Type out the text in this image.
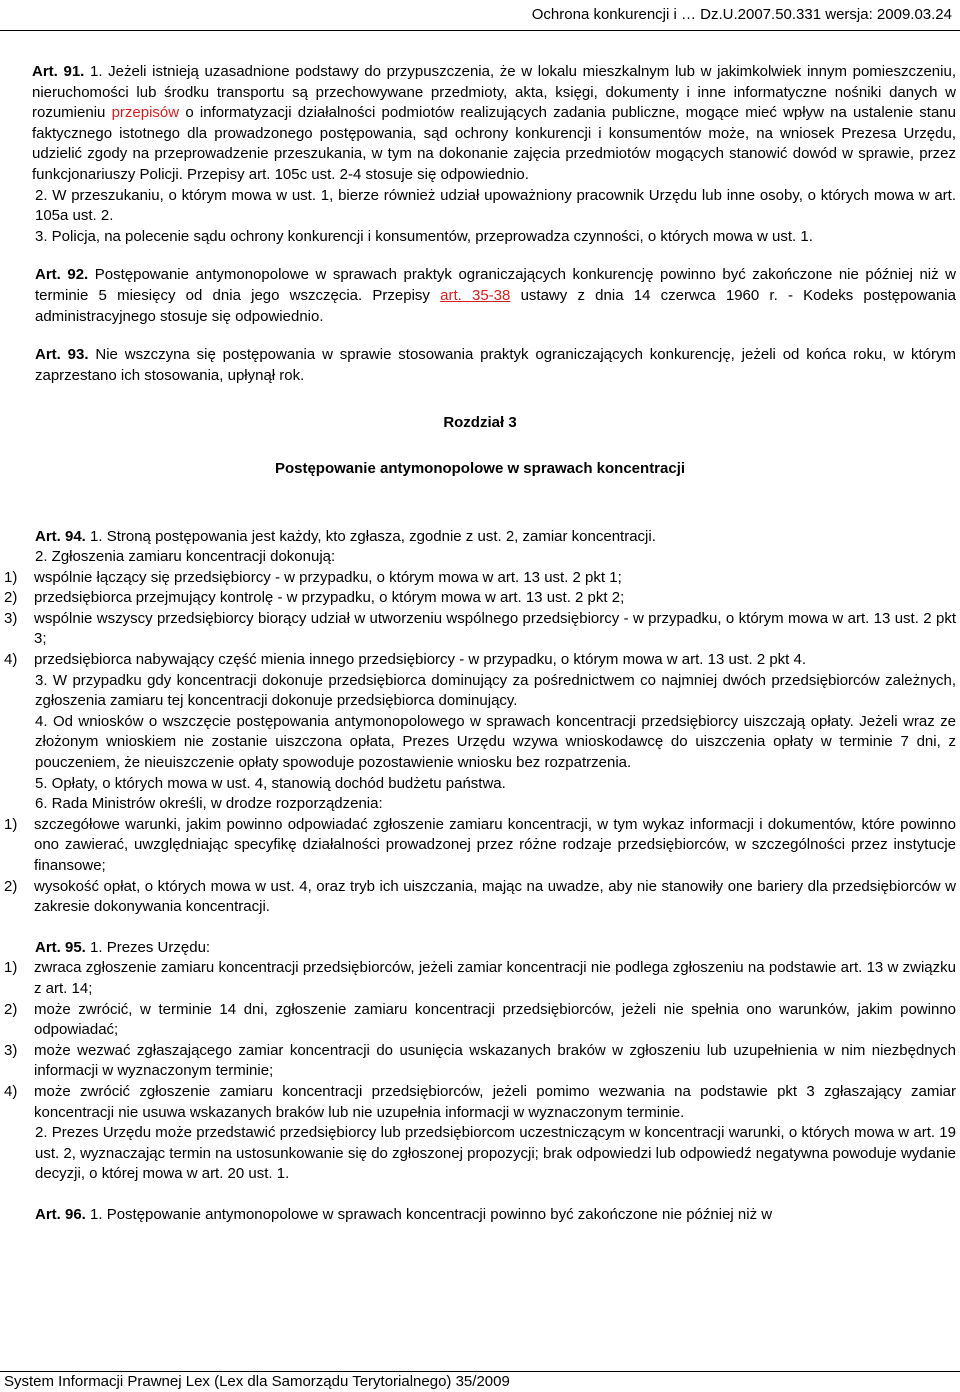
Ochrona konkurencji i … Dz.U.2007.50.331 wersja: 2009.03.24

Art. 91. 1. Jeżeli istnieją uzasadnione podstawy do przypuszczenia, że w lokalu mieszkalnym lub w jakimkolwiek innym pomieszczeniu, nieruchomości lub środku transportu są przechowywane przedmioty, akta, księgi, dokumenty i inne informatyczne nośniki danych w rozumieniu przepisów o informatyzacji działalności podmiotów realizujących zadania publiczne, mogące mieć wpływ na ustalenie stanu faktycznego istotnego dla prowadzonego postępowania, sąd ochrony konkurencji i konsumentów może, na wniosek Prezesa Urzędu, udzielić zgody na przeprowadzenie przeszukania, w tym na dokonanie zajęcia przedmiotów mogących stanowić dowód w sprawie, przez funkcjonariuszy Policji. Przepisy art. 105c ust. 2-4 stosuje się odpowiednio.

2. W przeszukaniu, o którym mowa w ust. 1, bierze również udział upoważniony pracownik Urzędu lub inne osoby, o których mowa w art. 105a ust. 2.

3. Policja, na polecenie sądu ochrony konkurencji i konsumentów, przeprowadza czynności, o których mowa w ust. 1.

Art. 92. Postępowanie antymonopolowe w sprawach praktyk ograniczających konkurencję powinno być zakończone nie później niż w terminie 5 miesięcy od dnia jego wszczęcia. Przepisy art. 35-38 ustawy z dnia 14 czerwca 1960 r. - Kodeks postępowania administracyjnego stosuje się odpowiednio.

Art. 93. Nie wszczyna się postępowania w sprawie stosowania praktyk ograniczających konkurencję, jeżeli od końca roku, w którym zaprzestano ich stosowania, upłynął rok.

Rozdział 3

Postępowanie antymonopolowe w sprawach koncentracji

Art. 94. 1. Stroną postępowania jest każdy, kto zgłasza, zgodnie z ust. 2, zamiar koncentracji.

2. Zgłoszenia zamiaru koncentracji dokonują:

1)	wspólnie łączący się przedsiębiorcy - w przypadku, o którym mowa w art. 13 ust. 2 pkt 1;
2)	przedsiębiorca przejmujący kontrolę - w przypadku, o którym mowa w art. 13 ust. 2 pkt 2;
3)	wspólnie wszyscy przedsiębiorcy biorący udział w utworzeniu wspólnego przedsiębiorcy - w przypadku, o którym mowa w art. 13 ust. 2 pkt 3;
4)	przedsiębiorca nabywający część mienia innego przedsiębiorcy - w przypadku, o którym mowa w art. 13 ust. 2 pkt 4.

3. W przypadku gdy koncentracji dokonuje przedsiębiorca dominujący za pośrednictwem co najmniej dwóch przedsiębiorców zależnych, zgłoszenia zamiaru tej koncentracji dokonuje przedsiębiorca dominujący.

4. Od wniosków o wszczęcie postępowania antymonopolowego w sprawach koncentracji przedsiębiorcy uiszczają opłaty. Jeżeli wraz ze złożonym wnioskiem nie zostanie uiszczona opłata, Prezes Urzędu wzywa wnioskodawcę do uiszczenia opłaty w terminie 7 dni, z pouczeniem, że nieuiszczenie opłaty spowoduje pozostawienie wniosku bez rozpatrzenia.

5. Opłaty, o których mowa w ust. 4, stanowią dochód budżetu państwa.

6. Rada Ministrów określi, w drodze rozporządzenia:

1)	szczegółowe warunki, jakim powinno odpowiadać zgłoszenie zamiaru koncentracji, w tym wykaz informacji i dokumentów, które powinno ono zawierać, uwzględniając specyfikę działalności prowadzonej przez różne rodzaje przedsiębiorców, w szczególności przez instytucje finansowe;
2)	wysokość opłat, o których mowa w ust. 4, oraz tryb ich uiszczania, mając na uwadze, aby nie stanowiły one bariery dla przedsiębiorców w zakresie dokonywania koncentracji.

Art. 95. 1. Prezes Urzędu:

1)	zwraca zgłoszenie zamiaru koncentracji przedsiębiorców, jeżeli zamiar koncentracji nie podlega zgłoszeniu na podstawie art. 13 w związku z art. 14;
2)	może zwrócić, w terminie 14 dni, zgłoszenie zamiaru koncentracji przedsiębiorców, jeżeli nie spełnia ono warunków, jakim powinno odpowiadać;
3)	może wezwać zgłaszającego zamiar koncentracji do usunięcia wskazanych braków w zgłoszeniu lub uzupełnienia w nim niezbędnych informacji w wyznaczonym terminie;
4)	może zwrócić zgłoszenie zamiaru koncentracji przedsiębiorców, jeżeli pomimo wezwania na podstawie pkt 3 zgłaszający zamiar koncentracji nie usuwa wskazanych braków lub nie uzupełnia informacji w wyznaczonym terminie.

2. Prezes Urzędu może przedstawić przedsiębiorcy lub przedsiębiorcom uczestniczącym w koncentracji warunki, o których mowa w art. 19 ust. 2, wyznaczając termin na ustosunkowanie się do zgłoszonej propozycji; brak odpowiedzi lub odpowiedź negatywna powoduje wydanie decyzji, o której mowa w art. 20 ust. 1.

Art. 96. 1. Postępowanie antymonopolowe w sprawach koncentracji powinno być zakończone nie później niż w

System Informacji Prawnej Lex (Lex dla Samorządu Terytorialnego) 35/2009
